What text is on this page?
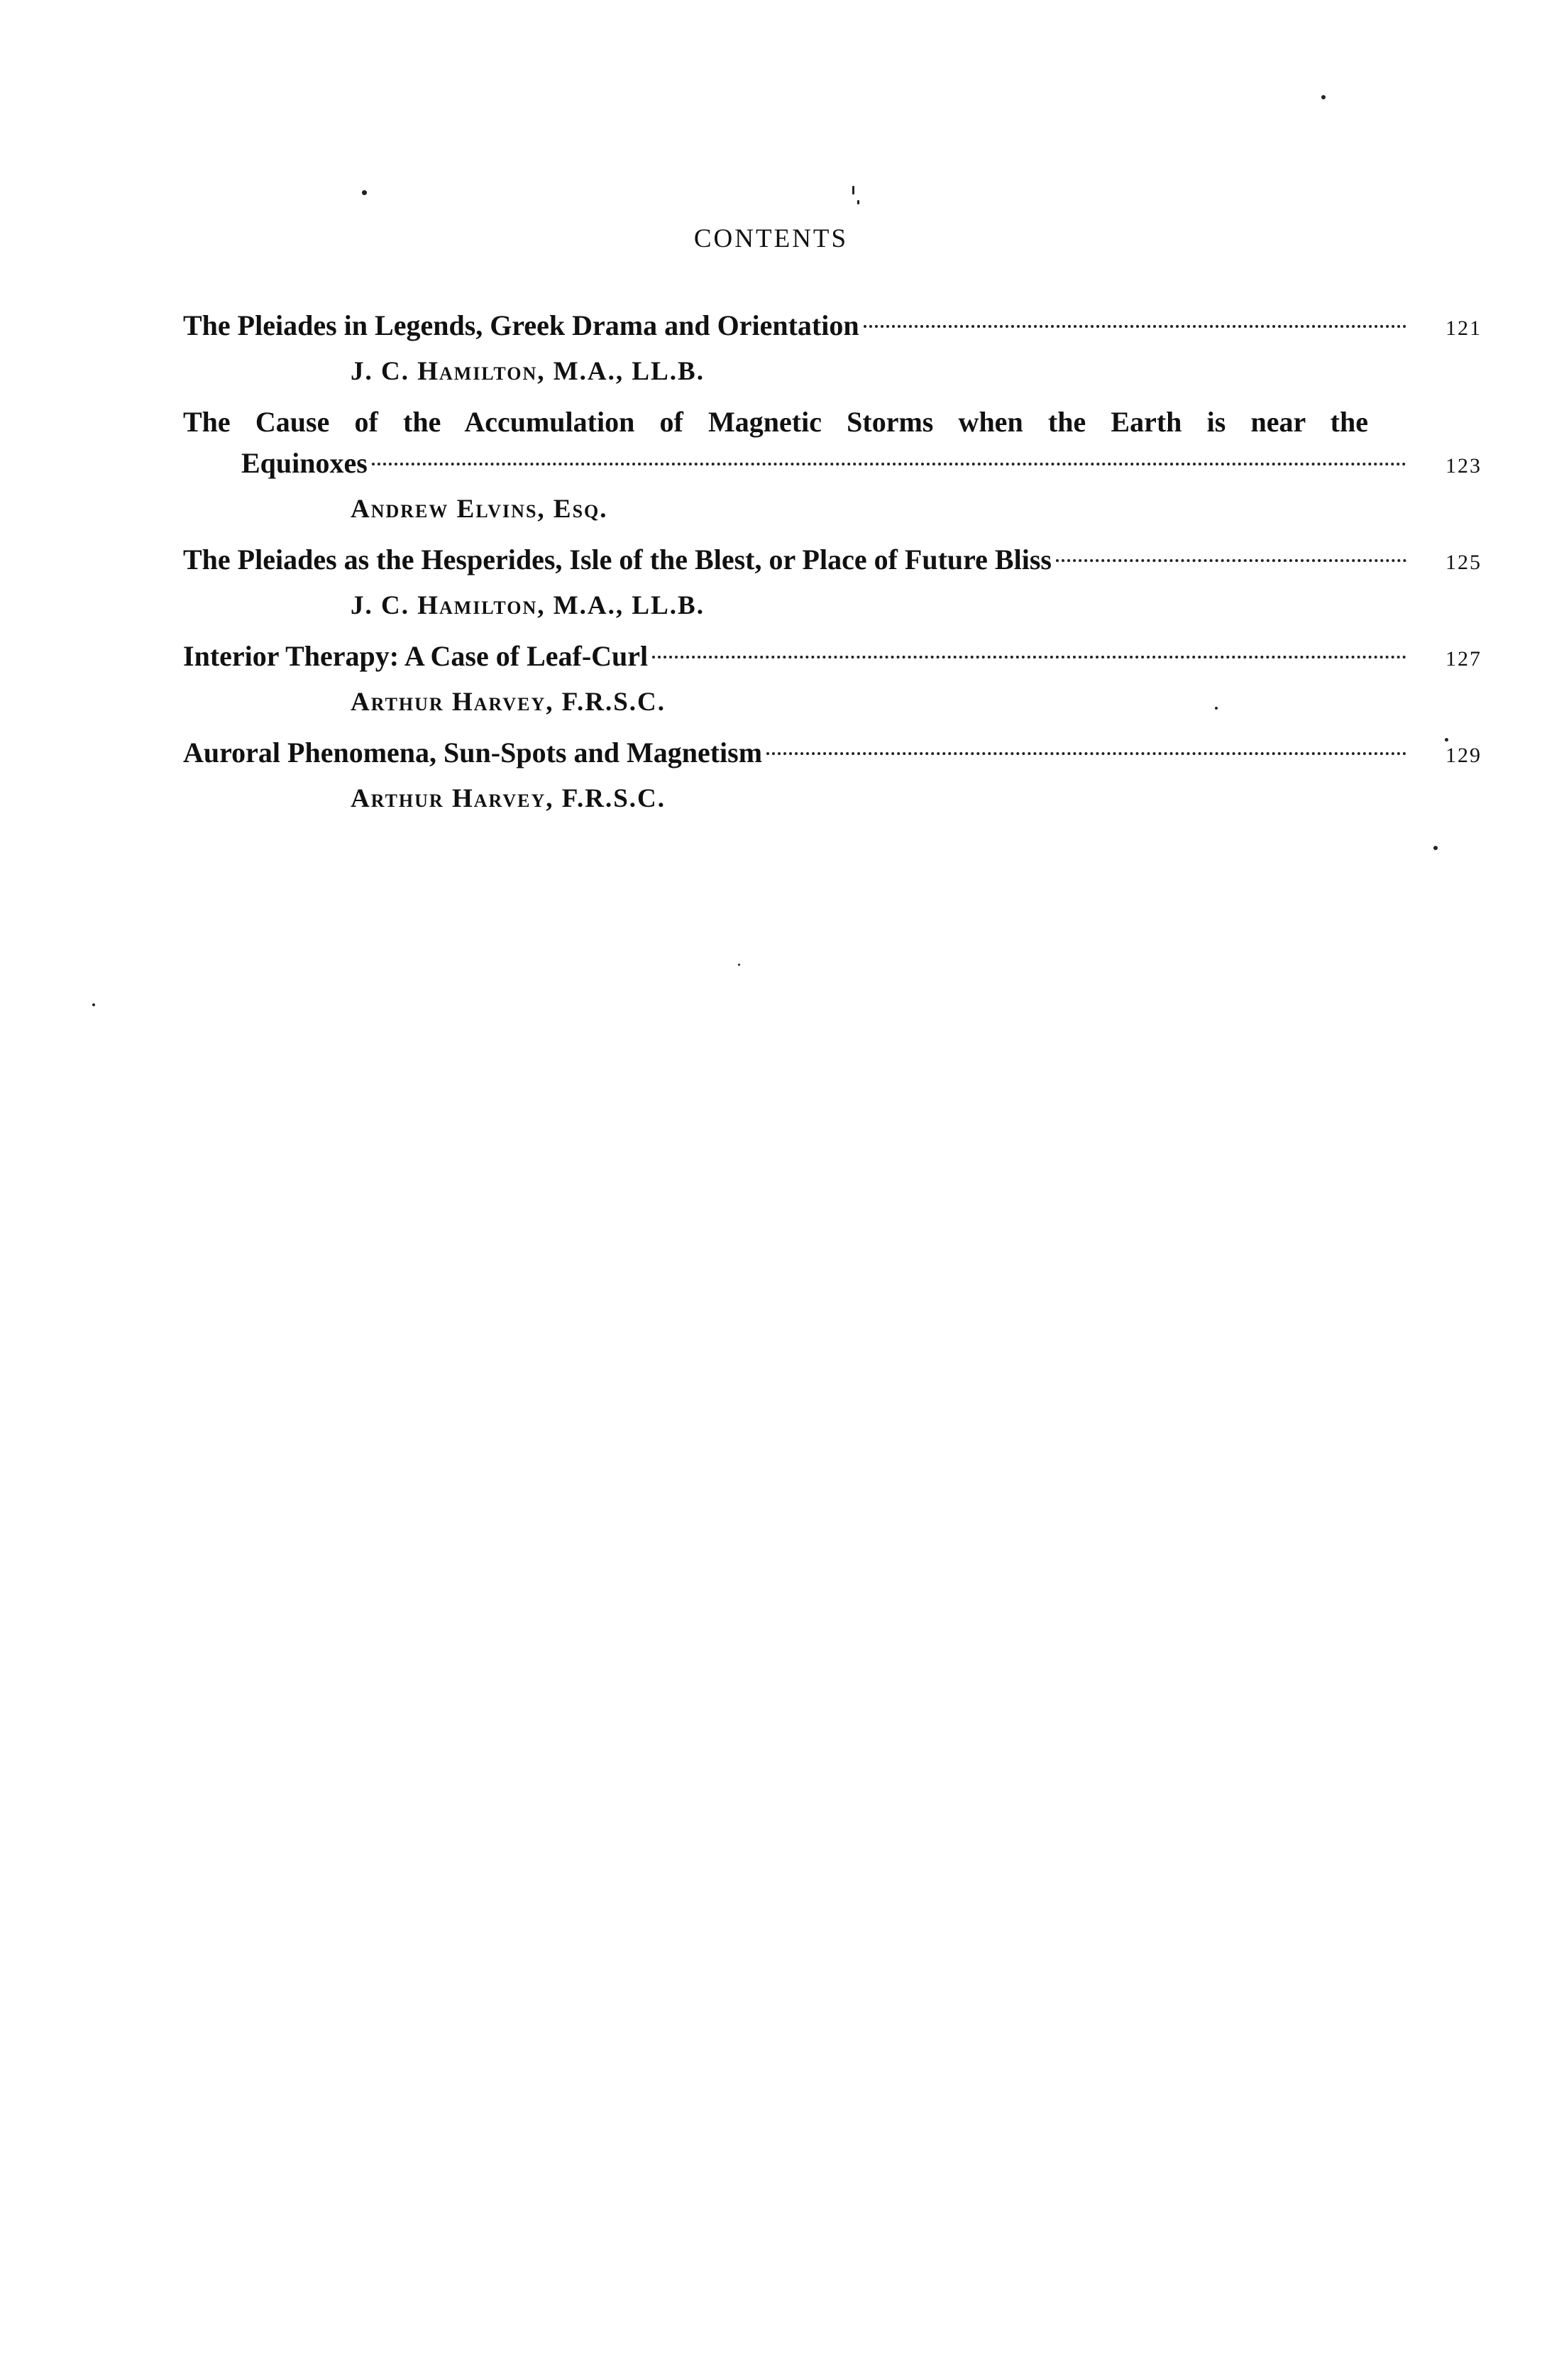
CONTENTS
The Pleiades in Legends, Greek Drama and Orientation	121
J. C. Hamilton, M.A., LL.B.
The Cause of the Accumulation of Magnetic Storms when the Earth is near the
Equinoxes	123
Andrew Elvins, Esq.
The Pleiades as the Hesperides, Isle of the Blest, or Place of Future Bliss	125
J. C. Hamilton, M.A., LL.B.
Interior Therapy: A Case of Leaf-Curl	127
Arthur Harvey, F.R.S.C.
Auroral Phenomena, Sun-Spots and Magnetism	129
Arthur Harvey, F.R.S.C.
